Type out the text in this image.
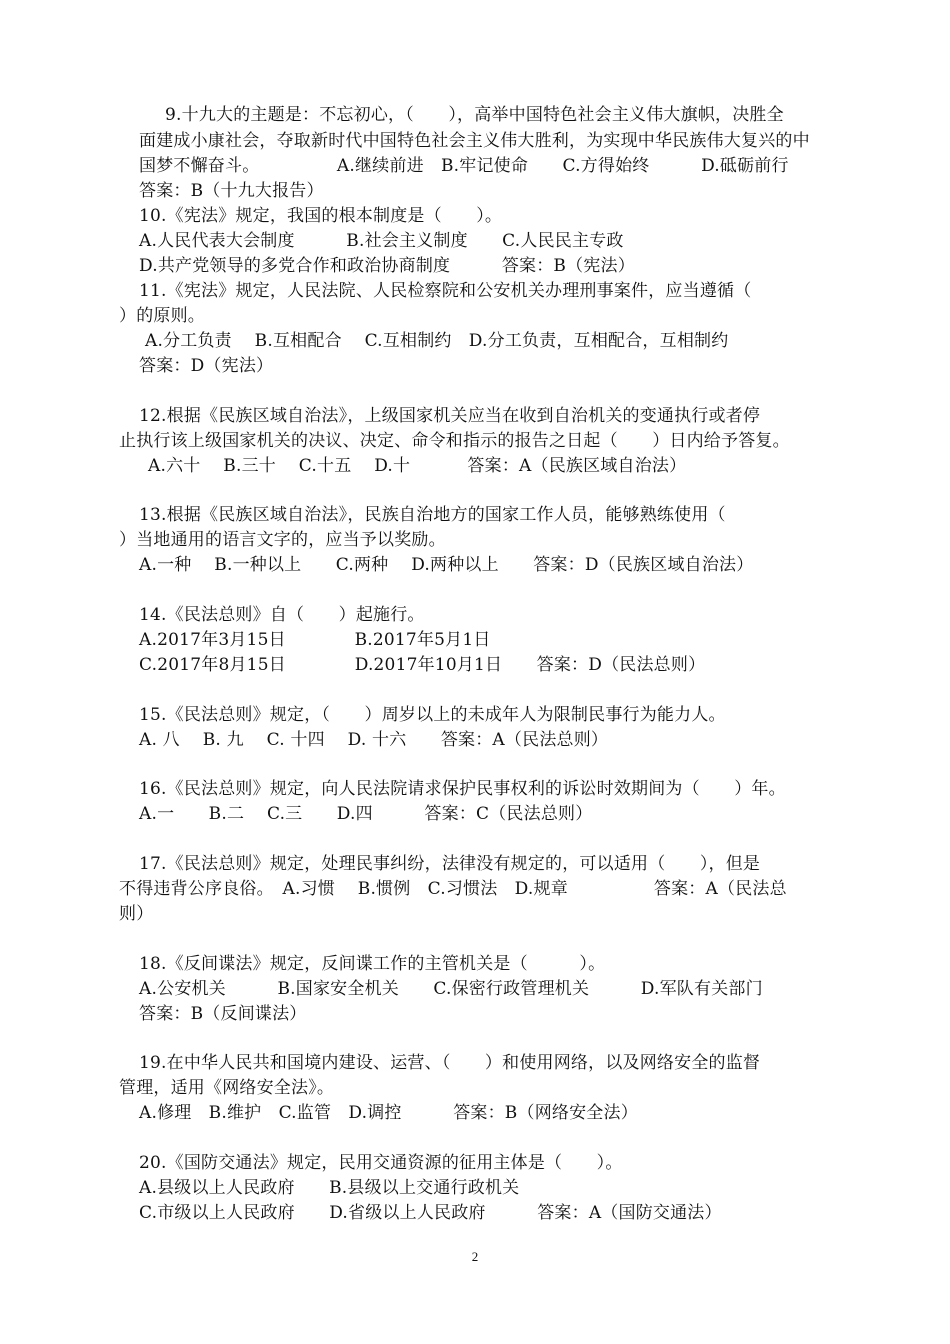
9.十九大的主题是：不忘初心，（　　），高举中国特色社会主义伟大旗帜，决胜全
面建成小康社会，夺取新时代中国特色社会主义伟大胜利，为实现中华民族伟大复兴的中
国梦不懈奋斗。　　　　　A.继续前进　B.牢记使命　　C.方得始终　　　D.砥砺前行
答案：B（十九大报告）
10.《宪法》规定，我国的根本制度是（　　）。
A.人民代表大会制度　　　B.社会主义制度　　C.人民民主专政
D.共产党领导的多党合作和政治协商制度　　　答案：B（宪法）
11.《宪法》规定，人民法院、人民检察院和公安机关办理刑事案件，应当遵循（
）的原则。
A.分工负责　 B.互相配合　 C.互相制约　D.分工负责，互相配合，互相制约
答案：D（宪法）
12.根据《民族区域自治法》，上级国家机关应当在收到自治机关的变通执行或者停
止执行该上级国家机关的决议、决定、命令和指示的报告之日起（　　）日内给予答复。
A.六十　 B.三十　 C.十五　 D.十　　　 答案：A（民族区域自治法）
13.根据《民族区域自治法》，民族自治地方的国家工作人员，能够熟练使用（
）当地通用的语言文字的，应当予以奖励。
A.一种　 B.一种以上　　C.两种　 D.两种以上　　答案：D（民族区域自治法）
14.《民法总则》自（　　）起施行。
A.2017年3月15日　　　　B.2017年5月1日
C.2017年8月15日　　　　D.2017年10月1日　　答案：D（民法总则）
15.《民法总则》规定，（　　）周岁以上的未成年人为限制民事行为能力人。
A. 八　 B. 九　 C. 十四　 D. 十六　　答案：A（民法总则）
16.《民法总则》规定，向人民法院请求保护民事权利的诉讼时效期间为（　　）年。
A.一　　B.二　 C.三　　D.四　　　答案：C（民法总则）
17.《民法总则》规定，处理民事纠纷，法律没有规定的，可以适用（　　），但是
不得违背公序良俗。　A.习惯　 B.惯例　C.习惯法　D.规章　　　　　答案：A（民法总
则）
18.《反间谍法》规定，反间谍工作的主管机关是（　　　）。
A.公安机关　　　B.国家安全机关　　C.保密行政管理机关　　　D.军队有关部门
答案：B（反间谍法）
19.在中华人民共和国境内建设、运营、（　　）和使用网络，以及网络安全的监督
管理，适用《网络安全法》。
A.修理　B.维护　C.监管　D.调控　　　答案：B（网络安全法）
20.《国防交通法》规定，民用交通资源的征用主体是（　　）。
A.县级以上人民政府　　B.县级以上交通行政机关
C.市级以上人民政府　　D.省级以上人民政府　　　答案：A（国防交通法）
2
